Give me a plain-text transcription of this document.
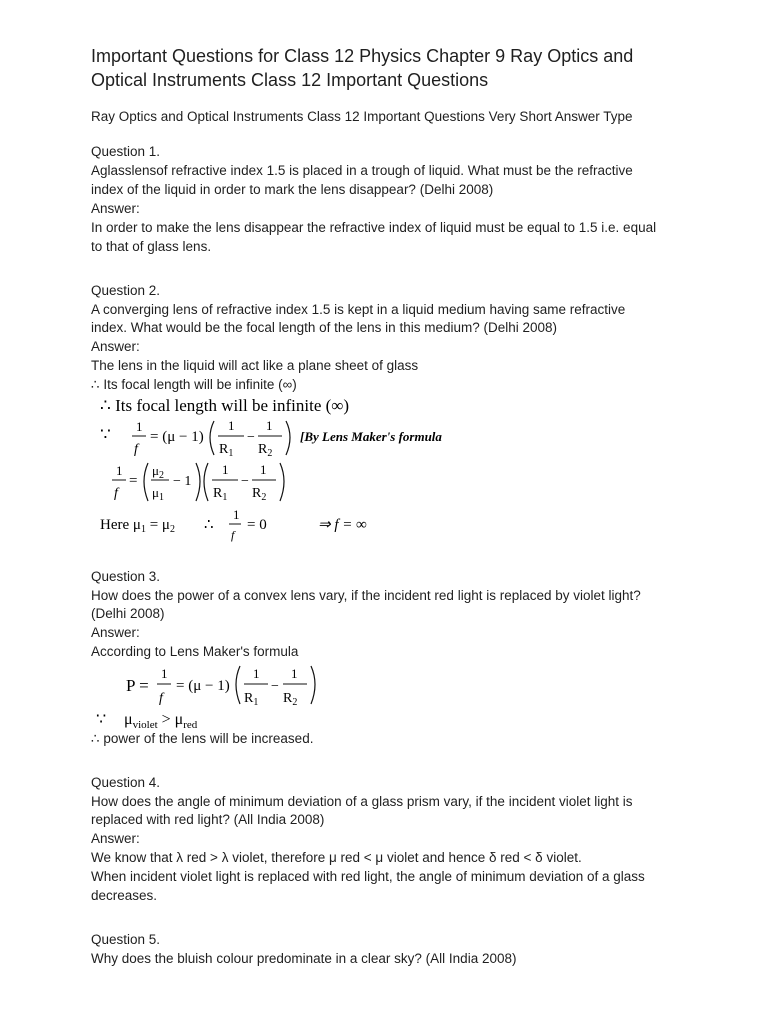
Important Questions for Class 12 Physics Chapter 9 Ray Optics and
Optical Instruments Class 12 Important Questions
Ray Optics and Optical Instruments Class 12 Important Questions Very Short Answer Type
Question 1.
Aglasslensof refractive index 1.5 is placed in a trough of liquid. What must be the refractive
index of the liquid in order to mark the lens disappear? (Delhi 2008)
Answer:
In order to make the lens disappear the refractive index of liquid must be equal to 1.5 i.e. equal
to that of glass lens.
Question 2.
A converging lens of refractive index 1.5 is kept in a liquid medium having same refractive
index. What would be the focal length of the lens in this medium? (Delhi 2008)
Answer:
The lens in the liquid will act like a plane sheet of glass
∴ Its focal length will be infinite (∞)
∴ Its focal length will be infinite (∞)
∵ 1
f
= (μ − 1)
1
$R_1$
−
1
$R_2$
[By Lens Maker's formula
1
f
=
$\mu_2$
$\mu_1$
− 1
1
$R_1$
−
1
$R_2$
Here $\mu_1 = \mu_2$ ∴
1
f
= 0	⇒ f = ∞
Question 3.
How does the power of a convex lens vary, if the incident red light is replaced by violet light?
(Delhi 2008)
Answer:
According to Lens Maker's formula
P =
1
f
= (μ − 1)
1
$R_1$
−
1
$R_2$
∵ $\mu_{violet} > \mu_{red}$
∴ power of the lens will be increased.
Question 4.
How does the angle of minimum deviation of a glass prism vary, if the incident violet light is
replaced with red light? (All India 2008)
Answer:
We know that λ red > λ violet, therefore μ red < μ violet and hence δ red < δ violet.
When incident violet light is replaced with red light, the angle of minimum deviation of a glass
decreases.
Question 5.
Why does the bluish colour predominate in a clear sky? (All India 2008)
